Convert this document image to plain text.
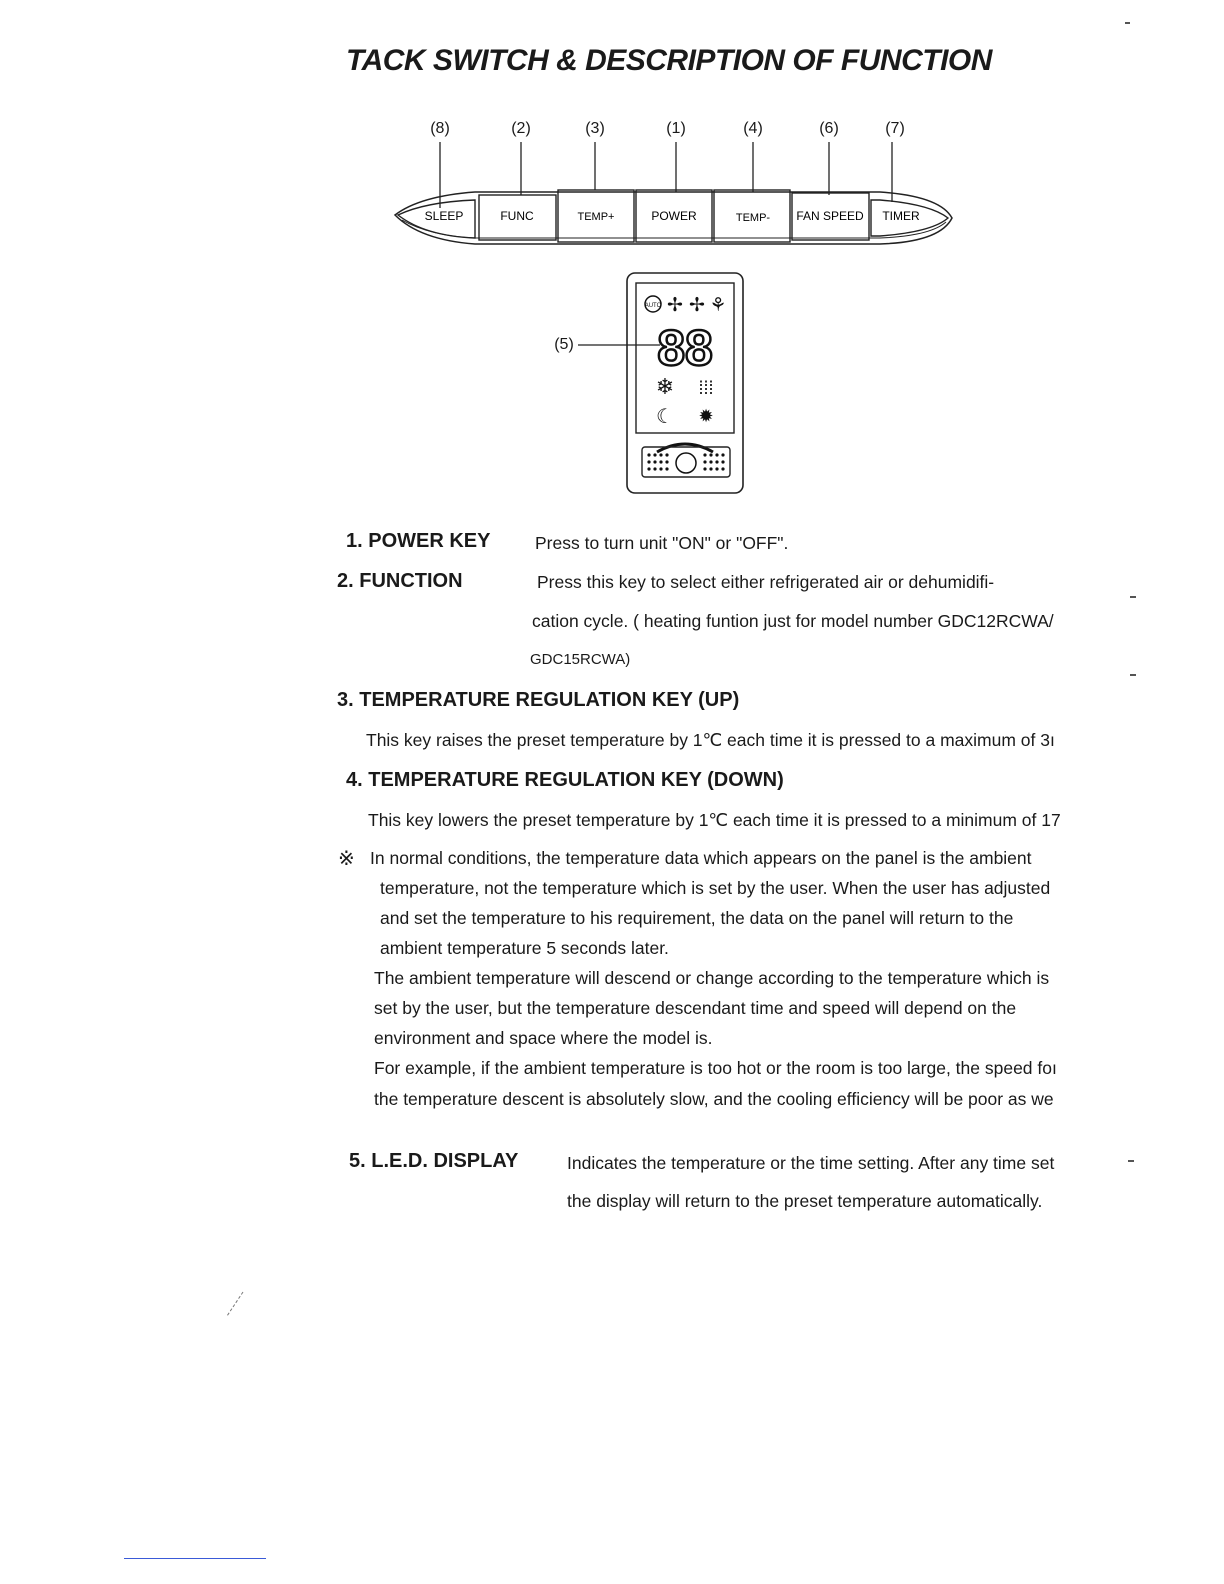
TACK SWITCH & DESCRIPTION OF FUNCTION
(8)	(2)	(3)	(1)	(4)	(6)	(7)
SLEEP	FUNC	TEMP+	POWER	TEMP- FAN SPEED TIMER
(5)
AUTO ✢ ✢ ⚘
88
❄ ⁞⁞⁞
☾ ✹
1. POWER KEY	Press to turn unit "ON" or "OFF".
2. FUNCTION	Press this key to select either refrigerated air or dehumidifi-
cation cycle. ( heating funtion just for model number GDC12RCWA/
GDC15RCWA)
3. TEMPERATURE REGULATION KEY (UP)
This key raises the preset temperature by 1℃ each time it is pressed to a maximum of 3ı
4. TEMPERATURE REGULATION KEY (DOWN)
This key lowers the preset temperature by 1℃ each time it is pressed to a minimum of 17
※ In normal conditions, the temperature data which appears on the panel is the ambient
temperature, not the temperature which is set by the user. When the user has adjusted
and set the temperature to his requirement, the data on the panel will return to the
ambient temperature 5 seconds later.
The ambient temperature will descend or change according to the temperature which is
set by the user, but the temperature descendant time and speed will depend on the
environment and space where the model is.
For example, if the ambient temperature is too hot or the room is too large, the speed foı
the temperature descent is absolutely slow, and the cooling efficiency will be poor as we
5. L.E.D. DISPLAY	Indicates the temperature or the time setting. After any time set
the display will return to the preset temperature automatically.
